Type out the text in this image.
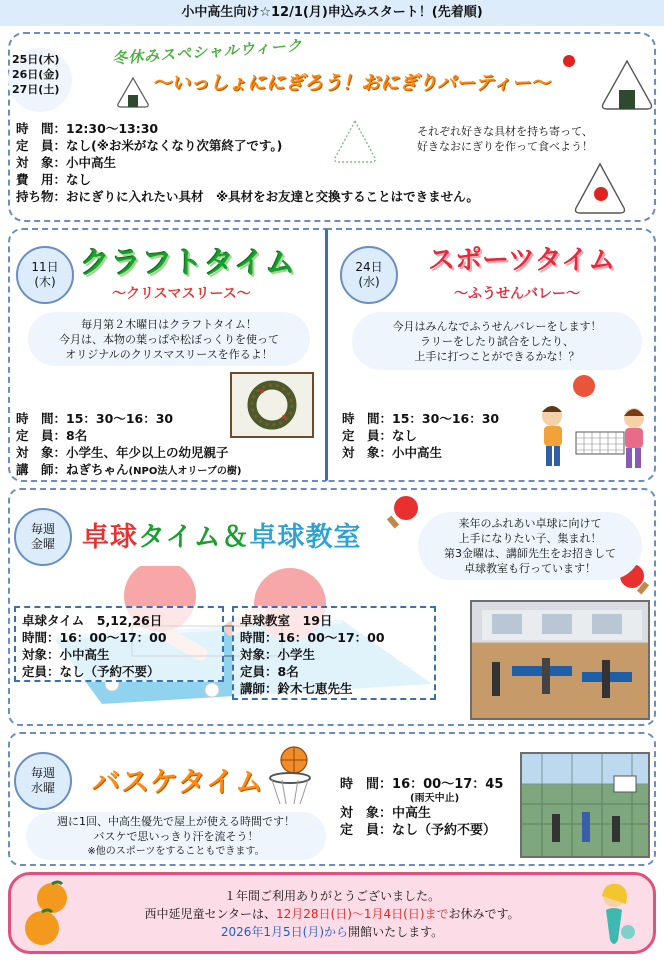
小中高生向け☆12/1(月)申込みスタート！(先着順)
25日(木)
26日(金)
27日(土)
冬休みスペシャルウィーク
〜いっしょににぎろう！おにぎりパーティー〜
時　間：12:30〜13:30
定　員：なし(※お米がなくなり次第終了です。)
対　象：小中高生
費　用：なし
持ち物：おにぎりに入れたい具材　※具材をお友達と交換することはできません。
それぞれ好きな具材を持ち寄って、
好きなおにぎりを作って食べよう！
11日
(木)
クラフトタイム
〜クリスマスリース〜
毎月第２木曜日はクラフトタイム！
今月は、本物の葉っぱや松ぼっくりを使って
オリジナルのクリスマスリースを作るよ！
時　間：15：30〜16：30
定　員：8名
対　象：小学生、年少以上の幼児親子
講　師：ねぎちゃん(NPO法人オリーブの樹)
24日
(水)
スポーツタイム
〜ふうせんバレー〜
今月はみんなでふうせんバレーをします！
ラリーをしたり試合をしたり、
上手に打つことができるかな！？
時　間：15：30〜16：30
定　員：なし
対　象：小中高生
毎週
金曜 卓球タイム＆卓球教室	来年のふれあい卓球に向けて
上手になりたい子、集まれ！
第3金曜は、講師先生をお招きして
卓球教室も行っています！
卓球タイム　5,12,26日
時間：16：00〜17：00
対象：小中高生
定員：なし（予約不要）
卓球教室　19日
時間：16：00〜17：00
対象：小学生
定員：8名
講師：鈴木七恵先生
毎週
水曜 バスケタイム
週に1回、中高生優先で屋上が使える時間です！
バスケで思いっきり汗を流そう！
※他のスポーツをすることもできます。
時　間：16：00〜17：45
(雨天中止)
対　象：中高生
定　員：なし（予約不要）
１年間ご利用ありがとうございました。
西中延児童センターは、12月28日(日)〜1月4日(日)までお休みです。
2026年1月5日(月)から開館いたします。
